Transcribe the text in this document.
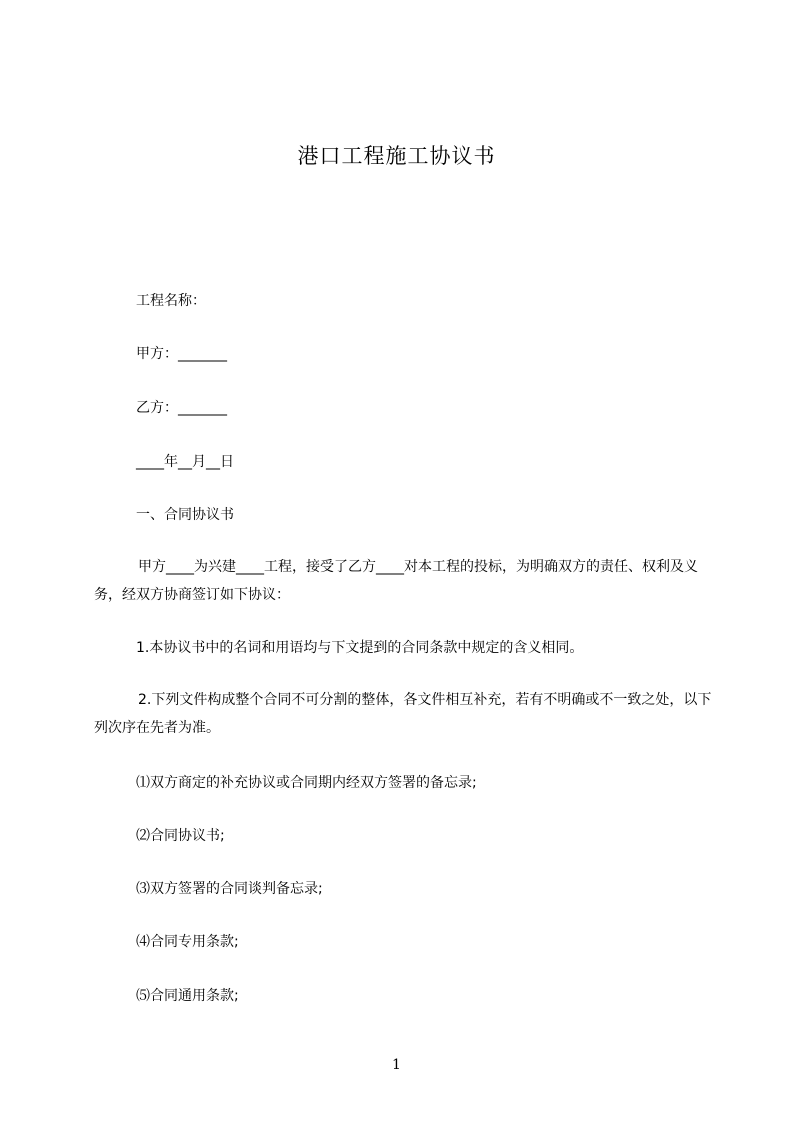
港口工程施工协议书
工程名称：
甲方：_______
乙方：_______
____年__月__日
一、合同协议书
甲方____为兴建____工程，接受了乙方____对本工程的投标，为明确双方的责任、权利及义务，经双方协商签订如下协议：
1.本协议书中的名词和用语均与下文提到的合同条款中规定的含义相同。
2.下列文件构成整个合同不可分割的整体，各文件相互补充，若有不明确或不一致之处，以下列次序在先者为准。
⑴双方商定的补充协议或合同期内经双方签署的备忘录;
⑵合同协议书;
⑶双方签署的合同谈判备忘录;
⑷合同专用条款;
⑸合同通用条款;
1
